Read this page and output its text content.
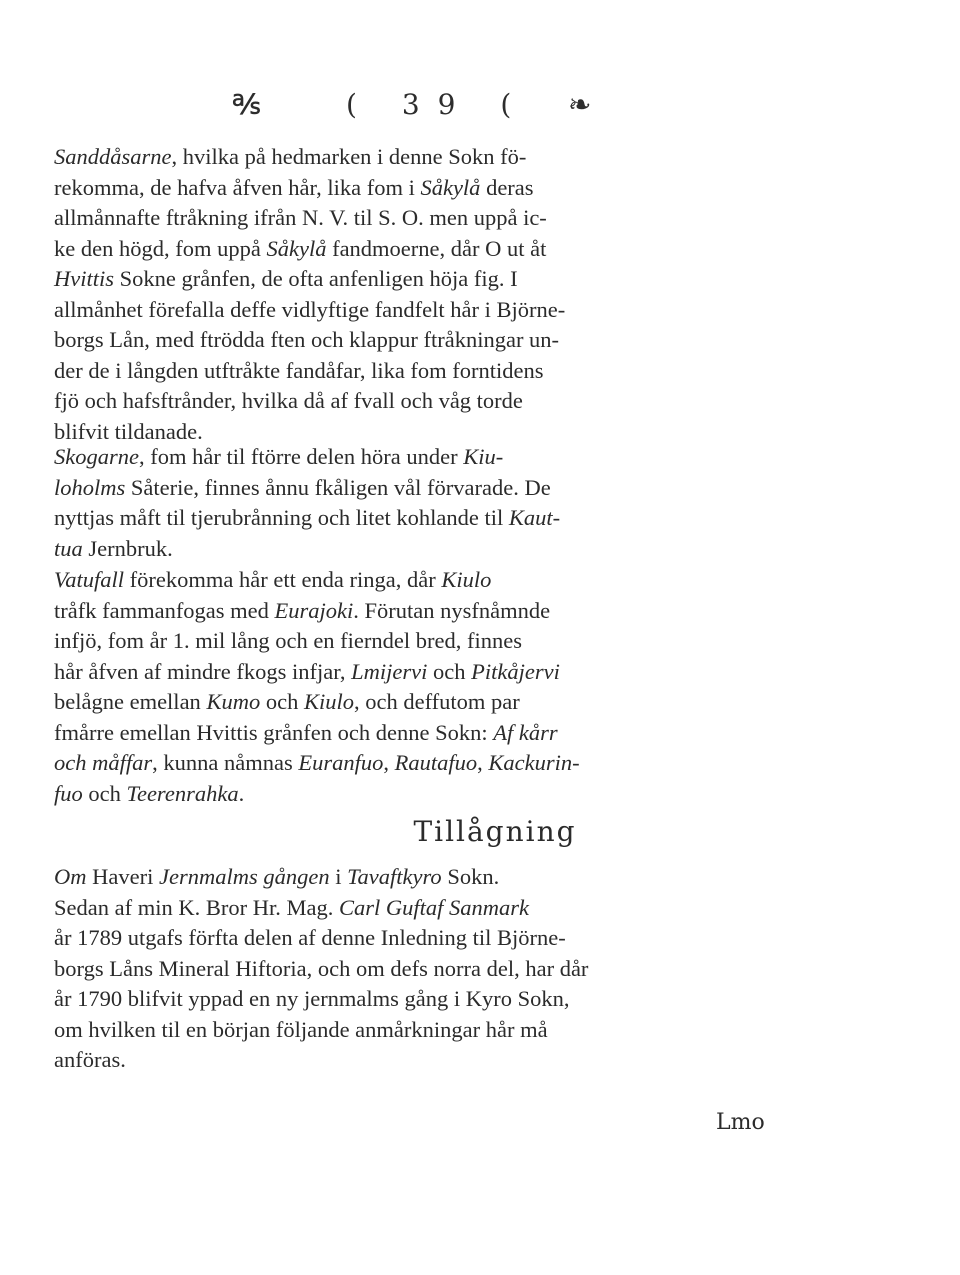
℁	( 39 ( ❧
Sanddåsarne, hvilka på hedmarken i denne Sokn fö-
rekomma, de hafva åfven hår, lika fom i Såkylå deras
allmånnafte ftråkning ifrån N. V. til S. O. men uppå ic-
ke den högd, fom uppå Såkylå fandmoerne, dår O ut åt
Hvittis Sokne grånfen, de ofta anfenligen höja fig. I
allmånhet förefalla deffe vidlyftige fandfelt hår i Björne-
borgs Lån, med ftrödda ften och klappur ftråkningar un-
der de i långden utftråkte fandåfar, lika fom forntidens
fjö och hafsftrånder, hvilka då af fvall och våg torde
blifvit tildanade.
Skogarne, fom hår til ftörre delen höra under Kiu-
loholms Såterie, finnes ånnu fkåligen vål förvarade. De
nyttjas måft til tjerubrånning och litet kohlande til Kaut-
tua Jernbruk.
Vatufall förekomma hår ett enda ringa, dår Kiulo
tråfk fammanfogas med Eurajoki. Förutan nysfnåmnde
infjö, fom år 1. mil lång och en fierndel bred, finnes
hår åfven af mindre fkogs infjar, Lmijervi och Pitkåjervi
belågne emellan Kumo och Kiulo, och deffutom par
fmårre emellan Hvittis grånfen och denne Sokn: Af kårr
och måffar, kunna nåmnas Euranfuo, Rautafuo, Kackurin-
fuo och Teerenrahka.
Tillågning
Om Haveri Jernmalms gången i Tavaftkyro Sokn.
Sedan af min K. Bror Hr. Mag. Carl Guftaf Sanmark
år 1789 utgafs förfta delen af denne Inledning til Björne-
borgs Låns Mineral Hiftoria, och om defs norra del, har dår
år 1790 blifvit yppad en ny jernmalms gång i Kyro Sokn,
om hvilken til en början följande anmårkningar hår må
anföras.
Lmo
